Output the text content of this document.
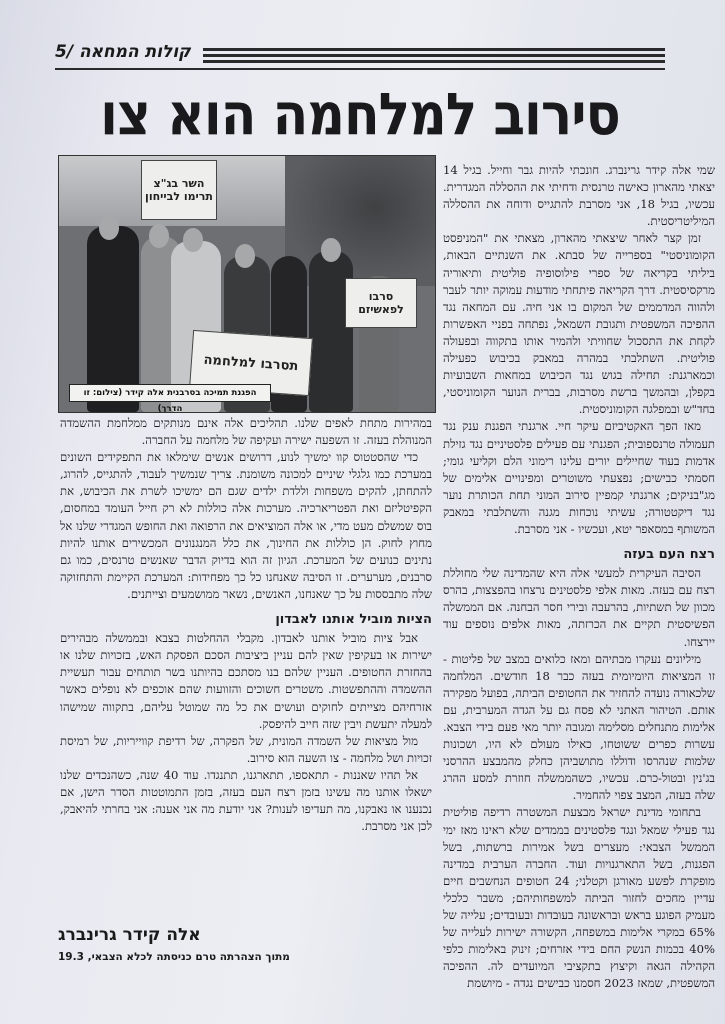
קולות המחאה /5
סירוב למלחמה הוא צו
השר בג"צ תרימו לבייחון
סרבו לפאשיזם
תסרבו למלחמה
הפגנת תמיכה בסרבנית אלה קידר (צילום: זו הדרך)

שמי אלה קידר גרינברג. חונכתי להיות גבר וחייל. בגיל 14 יצאתי מהארון כאישה טרנסית ודחיתי את ההסללה המגדרית. עכשיו, בגיל 18, אני מסרבת להתגייס ודוחה את ההסללה המיליטריסטית.

זמן קצר לאחר שיצאתי מהארון, מצאתי את "המניפסט הקומוניסטי" בספרייה של סבתא. את השנתיים הבאות, ביליתי בקריאה של ספרי פילוסופיה פוליטית ותיאוריה מרקסיסטית. דרך הקריאה פיתחתי מודעות עמוקה יותר לעבר ולהווה המדממים של המקום בו אני חיה. עם המחאה נגד ההפיכה המשפטית ותגובת השמאל, נפתחה בפניי האפשרות לקחת את התסכול שחוויתי ולהמיר אותו בתקווה ובפעולה פוליטית. השתלבתי במהרה במאבק בכיבוש כפעילה וכמארגנת: תחילה בגוש נגד הכיבוש במחאות השבועיות בקפלן, ובהמשך ברשת מסרבות, בברית הנוער הקומוניסטי, בחד"ש ובמפלגה הקומוניסטית.

מאז הפך האקטיביזם עיקר חיי. ארגנתי הפגנת ענק נגד תעמולה טרנספובית; הפגנתי עם פעילים פלסטיניים נגד גזילת אדמות בעוד שחיילים יורים עלינו רימוני הלם וקליעי גומי; חסמתי כבישים; נפצעתי משוטרים ומפינויים אלימים של מג"בניקים; ארגנתי קמפיין סירוב המוני תחת הכותרת נוער נגד דיקטטורה; עשיתי נוכחות מגנה והשתלבתי במאבק המשותף במסאפר יטא, ועכשיו - אני מסרבת.

רצח העם בעזה

הסיבה העיקרית למעשי אלה היא שהמדינה שלי מחוללת רצח עם בעזה. מאות אלפי פלסטינים נרצחו בהפצצות, בהרס מכוון של תשתיות, בהרעבה ובירי חסר הבחנה. אם הממשלה הפשיסטית תקיים את הכרזתה, מאות אלפים נוספים עוד יירצחו.

מיליונים נעקרו מבתיהם ומאז כלואים במצב של פליטות - זו המציאות היומיומית בעזה כבר 18 חודשים. המלחמה שלכאורה נועדה להחזיר את החטופים הביתה, בפועל מפקירה אותם. הטיהור האתני לא פסח גם על הגדה המערבית, עם אלימות מתנחלים מסלימה ומגובה יותר מאי פעם בידי הצבא. עשרות כפרים ששוטחו, כאילו מעולם לא היו, ושכונות שלמות שנהרסו ודוללו מתושביהן כחלק מהמבצע ההרסני בג'נין ובטול-כרם. עכשיו, כשהממשלה חוזרת למסע ההרג שלה בעזה, המצב צפוי להחמיר.

בתחומי מדינת ישראל מבצעת המשטרה רדיפה פוליטית נגד פעילי שמאל ונגד פלסטינים בממדים שלא ראינו מאז ימי הממשל הצבאי: מעצרים בשל אמירות ברשתות, בשל הפגנות, בשל התארגנויות ועוד. החברה הערבית במדינה מופקרת לפשע מאורגן וקטלני; 24 חטופים הנחשבים חיים עדיין מחכים לחזור הביתה למשפחותיהם; משבר כלכלי מעמיק הפוגע בראש ובראשונה בעובדות ובעובדים; עלייה של 65% במקרי אלימות במשפחה, הקשורה ישירות לעלייה של 40% בכמות הנשק החם בידי אזרחים; זינוק באלימות כלפי הקהילה הגאה וקיצוץ בתקציבי המיועדים לה. ההפיכה המשפטית, שמאז 2023 חסמנו כבישים נגדה - מיושמת

במהירות מתחת לאפים שלנו. תהליכים אלה אינם מנותקים ממלחמת ההשמדה המנוהלת בעזה. זו השפעה ישירה ועקיפה של מלחמה על החברה.

כדי שהסטטוס קוו ימשיך לנוע, דרושים אנשים שימלאו את התפקידים השונים במערכת כמו גלגלי שיניים למכונה משומנת. צריך שנמשיך לעבוד, להתגייס, להרוג, להתחתן, להקים משפחות וללדת ילדים שגם הם ימשיכו לשרת את הכיבוש, את הקפיטליזם ואת הפטריארכיה. מערכות אלה כוללות לא רק חייל העומד במחסום, בוס שמשלם מעט מדי, או אלה המוציאים את הרפואה ואת החופש המגדרי שלנו אל מחוץ לחוק. הן כוללות את החינוך, את כלל המנגנונים המכשירים אותנו להיות נתינים כנועים של המערכת. הגיון זה הוא בדיוק הדבר שאנשים טרנסים, כמו גם סרבנים, מערערים. זו הסיבה שאנחנו כל כך מפחידות: המערכת הקיימת והתחזוקה שלה מתבססות על כך שאנחנו, האנשים, נשאר ממושמעים וצייתנים.

הציות מוביל אותנו לאבדון

אבל ציות מוביל אותנו לאבדון. מקבלי ההחלטות בצבא ובממשלה מבהירים ישירות או בעקיפין שאין להם עניין ביציבות הסכם הפסקת האש, בזכויות שלנו או בהחזרת החטופים. העניין שלהם בנו מסתכם בהיותנו בשר תותחים עבור תעשיית ההשמדה וההתפשטות. משטרים חשוכים והזוועות שהם אוכפים לא נופלים כאשר אזרחיהם מצייתים לחוקים ועושים את כל מה שמוטל עליהם, בתקווה שמישהו למעלה יתעשת ויבין שזה חייב להיפסק.

מול מציאות של השמדה המונית, של הפקרה, של רדיפת קווייריות, של רמיסת זכויות ושל מלחמה - צו השעה הוא סירוב.

אל תהיו שאננות - תתאספו, תתארגנו, תתנגדו. עוד 40 שנה, כשהנכדים שלנו ישאלו אותנו מה עשינו בזמן רצח העם בעזה, בזמן התמוטטות הסדר הישן, אם נכנענו או נאבקנו, מה תעדיפו לענות? אני יודעת מה אני אענה: אני בחרתי להיאבק, לכן אני מסרבת.

אלה קידר גרינברג
מתוך הצהרתה טרם כניסתה לכלא הצבאי, 19.3
